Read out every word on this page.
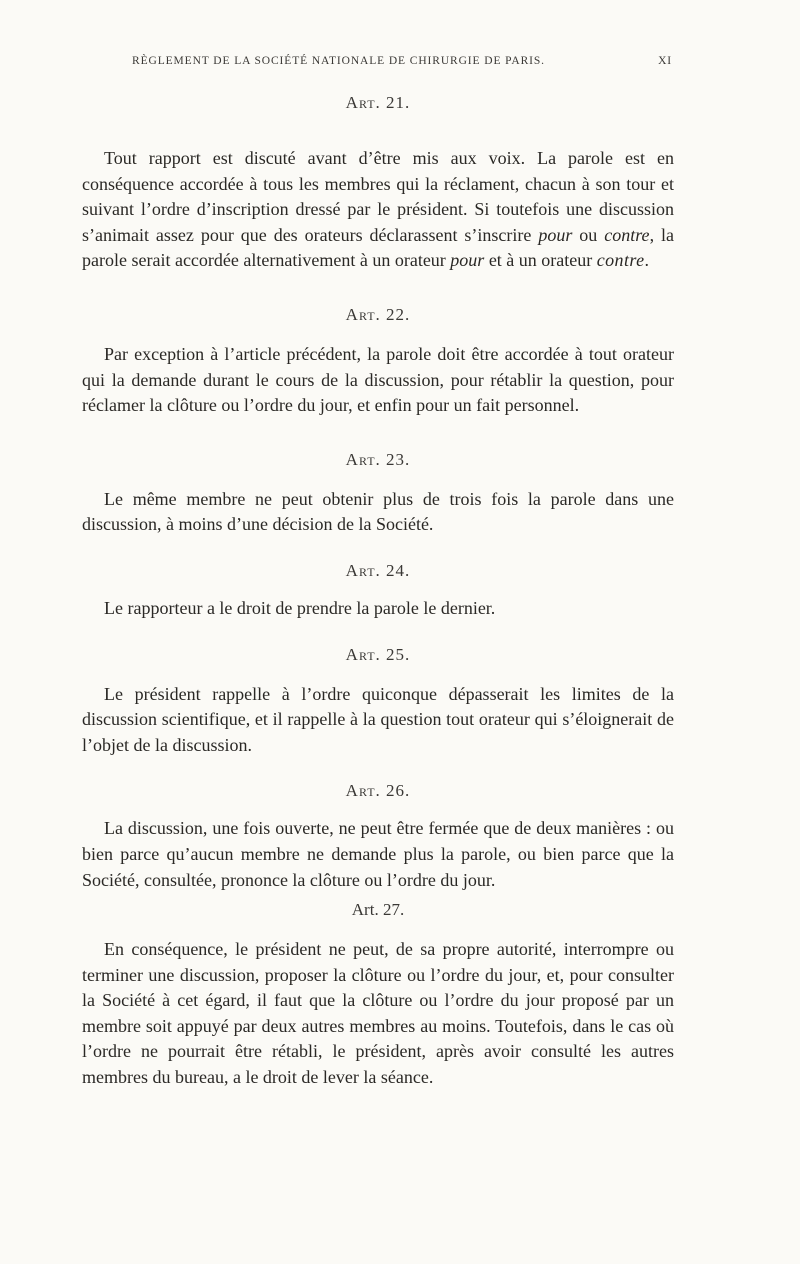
RÈGLEMENT DE LA SOCIÉTÉ NATIONALE DE CHIRURGIE DE PARIS.	XI
Art. 21.

Tout rapport est discuté avant d’être mis aux voix. La parole est en conséquence accordée à tous les membres qui la réclament, chacun à son tour et suivant l’ordre d’inscription dressé par le président. Si toutefois une discussion s’animait assez pour que des orateurs déclarassent s’inscrire pour ou contre, la parole serait accordée alternativement à un orateur pour et à un orateur contre.

Art. 22.

Par exception à l’article précédent, la parole doit être accordée à tout orateur qui la demande durant le cours de la discussion, pour rétablir la question, pour réclamer la clôture ou l’ordre du jour, et enfin pour un fait personnel.

Art. 23.

Le même membre ne peut obtenir plus de trois fois la parole dans une discussion, à moins d’une décision de la Société.

Art. 24.

Le rapporteur a le droit de prendre la parole le dernier.

Art. 25.

Le président rappelle à l’ordre quiconque dépasserait les limites de la discussion scientifique, et il rappelle à la question tout orateur qui s’éloignerait de l’objet de la discussion.

Art. 26.

La discussion, une fois ouverte, ne peut être fermée que de deux manières : ou bien parce qu’aucun membre ne demande plus la parole, ou bien parce que la Société, consultée, prononce la clôture ou l’ordre du jour.

Art. 27.

En conséquence, le président ne peut, de sa propre autorité, interrompre ou terminer une discussion, proposer la clôture ou l’ordre du jour, et, pour consulter la Société à cet égard, il faut que la clôture ou l’ordre du jour proposé par un membre soit appuyé par deux autres membres au moins. Toutefois, dans le cas où l’ordre ne pourrait être rétabli, le président, après avoir consulté les autres membres du bureau, a le droit de lever la séance.
